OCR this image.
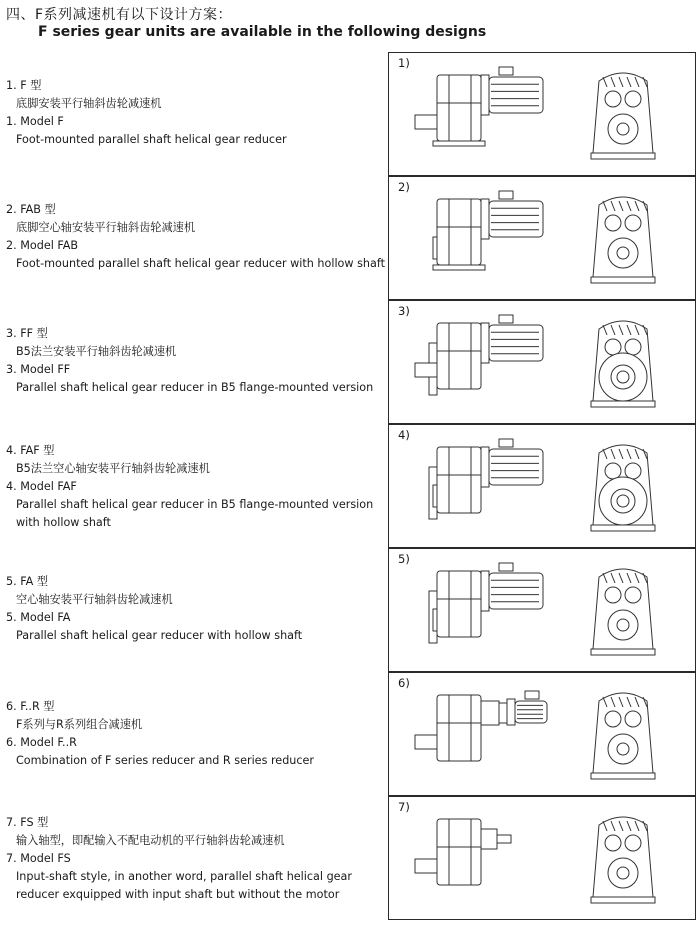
四、F系列减速机有以下设计方案：
F series gear units are available in the following designs
1. F 型
底脚安装平行轴斜齿轮减速机
1. Model F
Foot-mounted parallel shaft helical gear reducer
1)
2. FAB 型
底脚空心轴安装平行轴斜齿轮减速机
2. Model FAB
Foot-mounted parallel shaft helical gear reducer with hollow shaft
2)
3. FF 型
B5法兰安装平行轴斜齿轮减速机
3. Model FF
Parallel shaft helical gear reducer in B5 flange-mounted version
3)
4. FAF 型
B5法兰空心轴安装平行轴斜齿轮减速机
4. Model FAF
Parallel shaft helical gear reducer in B5 flange-mounted version
with hollow shaft
4)
5. FA 型
空心轴安装平行轴斜齿轮减速机
5. Model FA
Parallel shaft helical gear reducer with hollow shaft
5)
6. F..R 型
F系列与R系列组合减速机
6. Model F..R
Combination of F series reducer and R series reducer
6)
7. FS 型
输入轴型，即配输入不配电动机的平行轴斜齿轮减速机
7. Model FS
Input-shaft style, in another word, parallel shaft helical gear
reducer exquipped with input shaft but without the motor
7)
